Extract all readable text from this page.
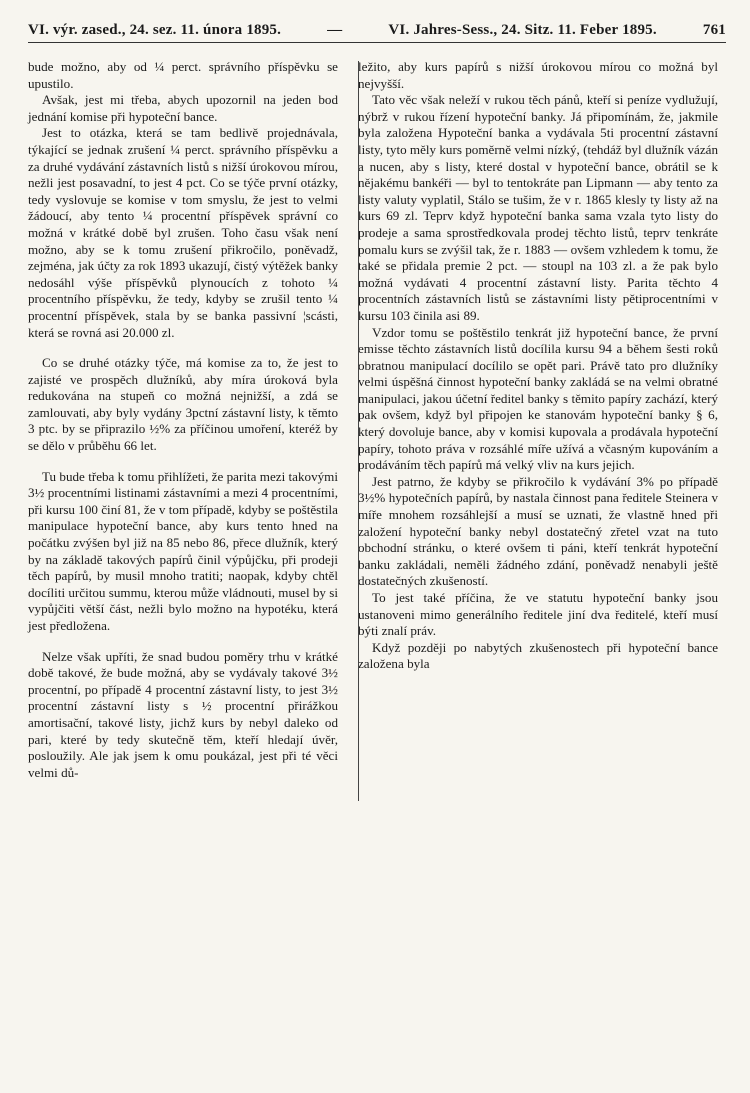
VI. výr. zased., 24. sez. 11. února 1895.	—	VI. Jahres-Sess., 24. Sitz. 11. Feber 1895.	761

bude možno, aby od ¼ perct. správního příspěvku se upustilo.

Avšak, jest mi třeba, abych upozornil na jeden bod jednání komise při hypoteční bance.

Jest to otázka, která se tam bedlivě projednávala, týkající se jednak zrušení ¼ perct. správního příspěvku a za druhé vydávání zástavních listů s nižší úrokovou mírou, nežli jest posavadní, to jest 4 pct. Co se týče první otázky, tedy vyslovuje se komise v tom smyslu, že jest to velmi žádoucí, aby tento ¼ procentní příspěvek správní co možná v krátké době byl zrušen. Toho času však není možno, aby se k tomu zrušení přikročilo, poněvadž, zejména, jak účty za rok 1893 ukazují, čistý výtěžek banky nedosáhl výše příspěvků plynoucích z tohoto ¼ procentního příspěvku, že tedy, kdyby se zrušil tento ¼ procentní příspěvek, stala by se banka passivní ¦scásti, která se rovná asi 20.000 zl.

Co se druhé otázky týče, má komise za to, že jest to zajisté ve prospěch dlužníků, aby míra úroková byla redukována na stupeň co možná nejnižší, a zdá se zamlouvati, aby byly vydány 3pctní zástavní listy, k těmto 3 ptc. by se připrazilo ½% za příčinou umoření, kteréž by se dělo v průběhu 66 let.

Tu bude třeba k tomu přihlížeti, že parita mezi takovými 3½ procentními listinami zástavními a mezi 4 procentními, při kursu 100 činí 81, že v tom případě, kdyby se poštěstila manipulace hypoteční bance, aby kurs tento hned na počátku zvýšen byl již na 85 nebo 86, přece dlužník, který by na základě takových papírů činil výpůjčku, při prodeji těch papírů, by musil mnoho tratiti; naopak, kdyby chtěl docíliti určitou summu, kterou může vládnouti, musel by si vypůjčiti větší část, nežli bylo možno na hypotéku, která jest předložena.

Nelze však upříti, že snad budou poměry trhu v krátké době takové, že bude možná, aby se vydávaly takové 3½ procentní, po případě 4 procentní zástavní listy, to jest 3½ procentní zástavní listy s ½ procentní přirážkou amortisační, takové listy, jichž kurs by nebyl daleko od pari, které by tedy skutečně těm, kteří hledají úvěr, posloužily. Ale jak jsem k omu poukázal, jest při té věci velmi dů-

ležito, aby kurs papírů s nižší úrokovou mírou co možná byl nejvyšší.

Tato věc však neleží v rukou těch pánů, kteří si peníze vydlužují, nýbrž v rukou řízení hypoteční banky. Já připomínám, že, jakmile byla založena Hypoteční banka a vydávala 5ti procentní zástavní listy, tyto měly kurs poměrně velmi nízký, (tehdáž byl dlužník vázán a nucen, aby s listy, které dostal v hypoteční bance, obrátil se k nějakému bankéři — byl to tentokráte pan Lipmann — aby tento za listy valuty vyplatil, Stálo se tušim, že v r. 1865 klesly ty listy až na kurs 69 zl. Teprv když hypoteční banka sama vzala tyto listy do prodeje a sama sprostředkovala prodej těchto listů, teprv tenkráte pomalu kurs se zvýšil tak, že r. 1883 — ovšem vzhledem k tomu, že také se přidala premie 2 pct. — stoupl na 103 zl. a že pak bylo možná vydávati 4 procentní zástavní listy. Parita těchto 4 procentních zástavních listů se zástavními listy pětiprocentními v kursu 103 činila asi 89.

Vzdor tomu se poštěstilo tenkrát již hypoteční bance, že první emisse těchto zástavních listů docílila kursu 94 a během šesti roků obratnou manipulací docílilo se opět pari. Právě tato pro dlužníky velmi úspěšná činnost hypoteční banky zakládá se na velmi obratné manipulaci, jakou účetní ředitel banky s těmito papíry zachází, který pak ovšem, když byl připojen ke stanovám hypoteční banky § 6, který dovoluje bance, aby v komisi kupovala a prodávala hypoteční papíry, tohoto práva v rozsáhlé míře užívá a včasným kupováním a prodáváním těch papírů má velký vliv na kurs jejich.

Jest patrno, že kdyby se přikročilo k vydávání 3% po případě 3½% hypotečních papírů, by nastala činnost pana ředitele Steinera v míře mnohem rozsáhlejší a musí se uznati, že vlastně hned při založení hypoteční banky nebyl dostatečný zřetel vzat na tuto obchodní stránku, o které ovšem ti páni, kteří tenkrát hypoteční banku zakládali, neměli žádného zdání, poněvadž nenabyli ještě dostatečných zkušeností.

To jest také příčina, že ve statutu hypoteční banky jsou ustanoveni mimo generálního ředitele jiní dva ředitelé, kteří musí býti znalí práv.

Když později po nabytých zkušenostech při hypoteční bance založena byla
